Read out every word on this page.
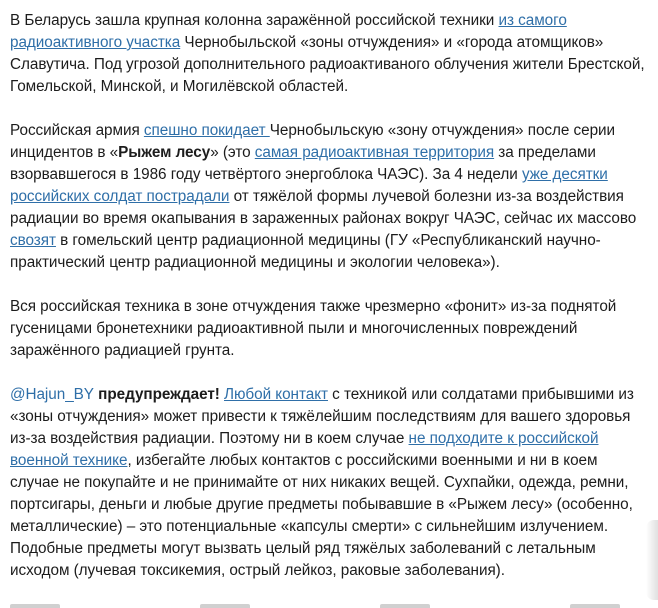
В Беларусь зашла крупная колонна заражённой российской техники из самого радиоактивного участка Чернобыльской «зоны отчуждения» и «города атомщиков» Славутича. Под угрозой дополнительного радиоактиваного облучения жители Брестской, Гомельской, Минской, и Могилёвской областей.

Российская армия спешно покидает Чернобыльскую «зону отчуждения» после серии инцидентов в «Рыжем лесу» (это самая радиоактивная территория за пределами взорвавшегося в 1986 году четвёртого энергоблока ЧАЭС). За 4 недели уже десятки российских солдат пострадали от тяжёлой формы лучевой болезни из-за воздействия радиации во время окапывания в зараженных районах вокруг ЧАЭС, сейчас их массово свозят в гомельский центр радиационной медицины (ГУ «Республиканский научно-практический центр радиационной медицины и экологии человека»).

Вся российская техника в зоне отчуждения также чрезмерно «фонит» из-за поднятой гусеницами бронетехники радиоактивной пыли и многочисленных повреждений заражённого радиацией грунта.

@Hajun_BY предупреждает! Любой контакт с техникой или солдатами прибывшими из «зоны отчуждения» может привести к тяжёлейшим последствиям для вашего здоровья из-за воздействия радиации. Поэтому ни в коем случае не подходите к российской военной технике, избегайте любых контактов с российскими военными и ни в коем случае не покупайте и не принимайте от них никаких вещей. Сухпайки, одежда, ремни, портсигары, деньги и любые другие предметы побывавшие в «Рыжем лесу» (особенно, металлические) – это потенциальные «капсулы смерти» с сильнейшим излучением. Подобные предметы могут вызвать целый ряд тяжёлых заболеваний с летальным исходом (лучевая токсикемия, острый лейкоз, раковые заболевания).
